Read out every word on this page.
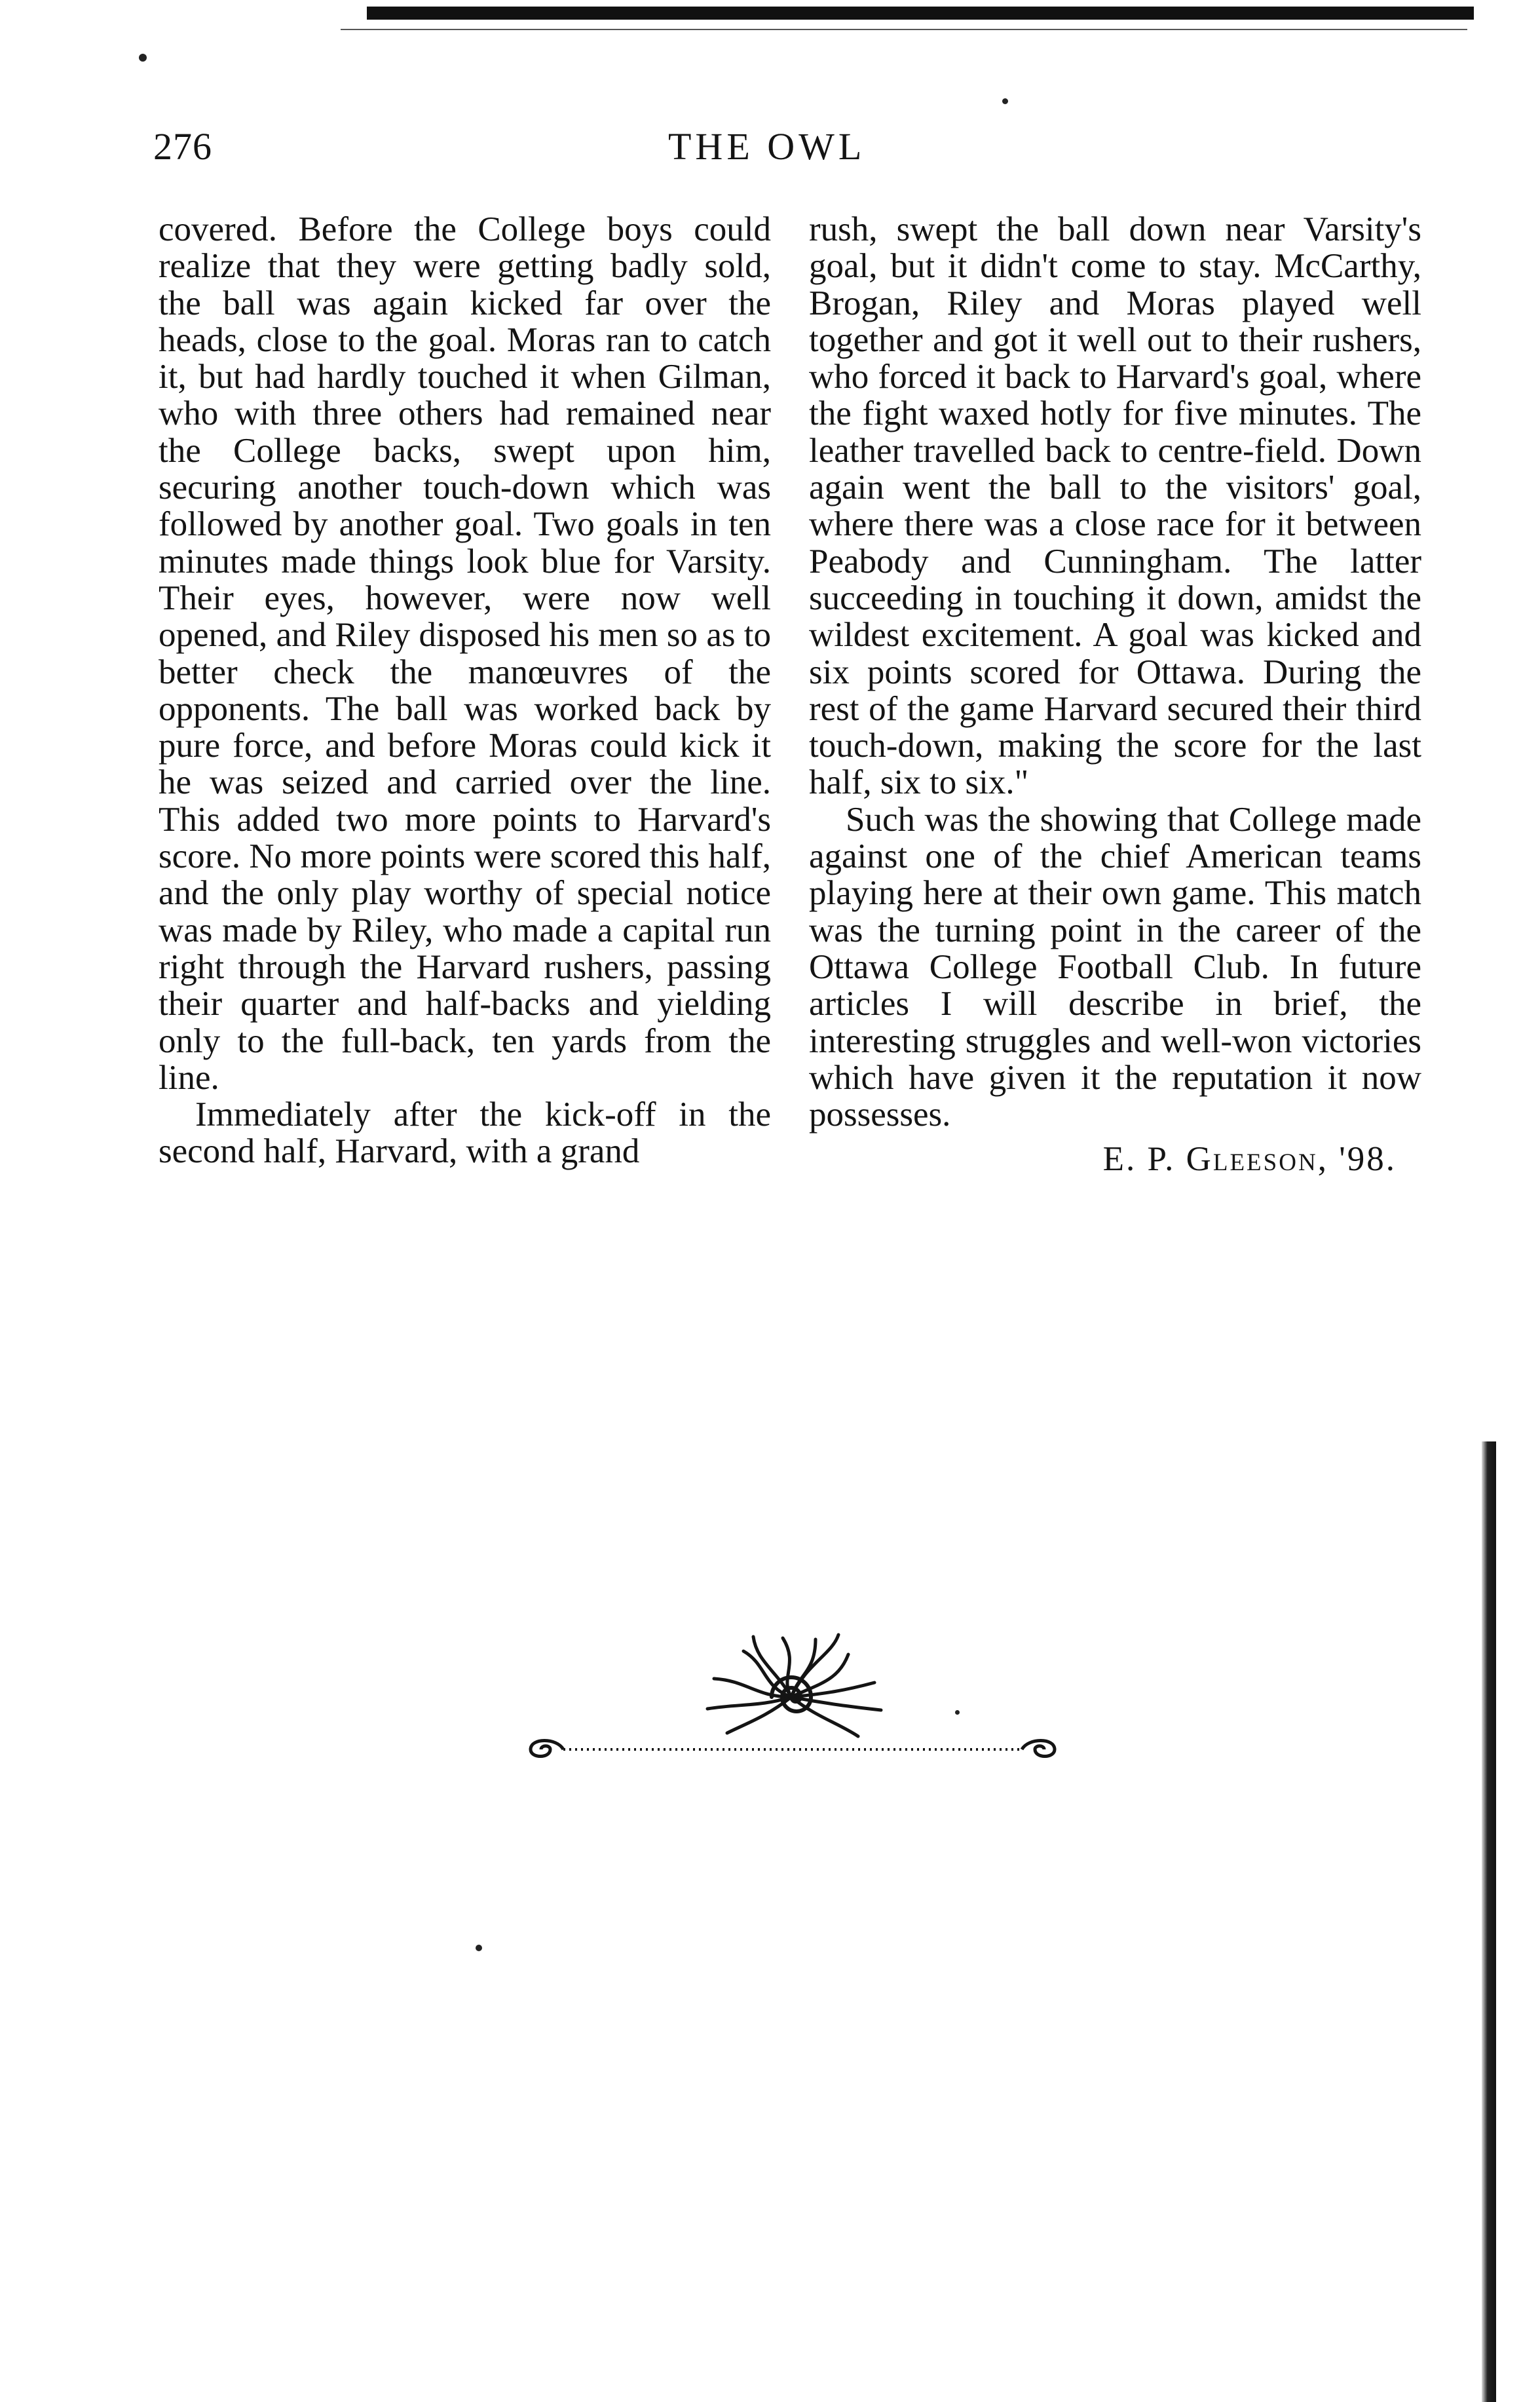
276	THE OWL

covered. Before the College boys could realize that they were getting badly sold, the ball was again kicked far over the heads, close to the goal. Moras ran to catch it, but had hardly touched it when Gilman, who with three others had remained near the College backs, swept upon him, securing another touch-down which was followed by another goal. Two goals in ten minutes made things look blue for Varsity. Their eyes, however, were now well opened, and Riley disposed his men so as to better check the manœuvres of the opponents. The ball was worked back by pure force, and before Moras could kick it he was seized and carried over the line. This added two more points to Harvard's score. No more points were scored this half, and the only play worthy of special notice was made by Riley, who made a capital run right through the Harvard rushers, passing their quarter and half-backs and yielding only to the full-back, ten yards from the line.

Immediately after the kick-off in the second half, Harvard, with a grand

rush, swept the ball down near Varsity's goal, but it didn't come to stay. McCarthy, Brogan, Riley and Moras played well together and got it well out to their rushers, who forced it back to Harvard's goal, where the fight waxed hotly for five minutes. The leather travelled back to centre-field. Down again went the ball to the visitors' goal, where there was a close race for it between Peabody and Cunningham. The latter succeeding in touching it down, amidst the wildest excitement. A goal was kicked and six points scored for Ottawa. During the rest of the game Harvard secured their third touch-down, making the score for the last half, six to six."

Such was the showing that College made against one of the chief American teams playing here at their own game. This match was the turning point in the career of the Ottawa College Football Club. In future articles I will describe in brief, the interesting struggles and well-won victories which have given it the reputation it now possesses.

E. P. Gleeson, '98.
